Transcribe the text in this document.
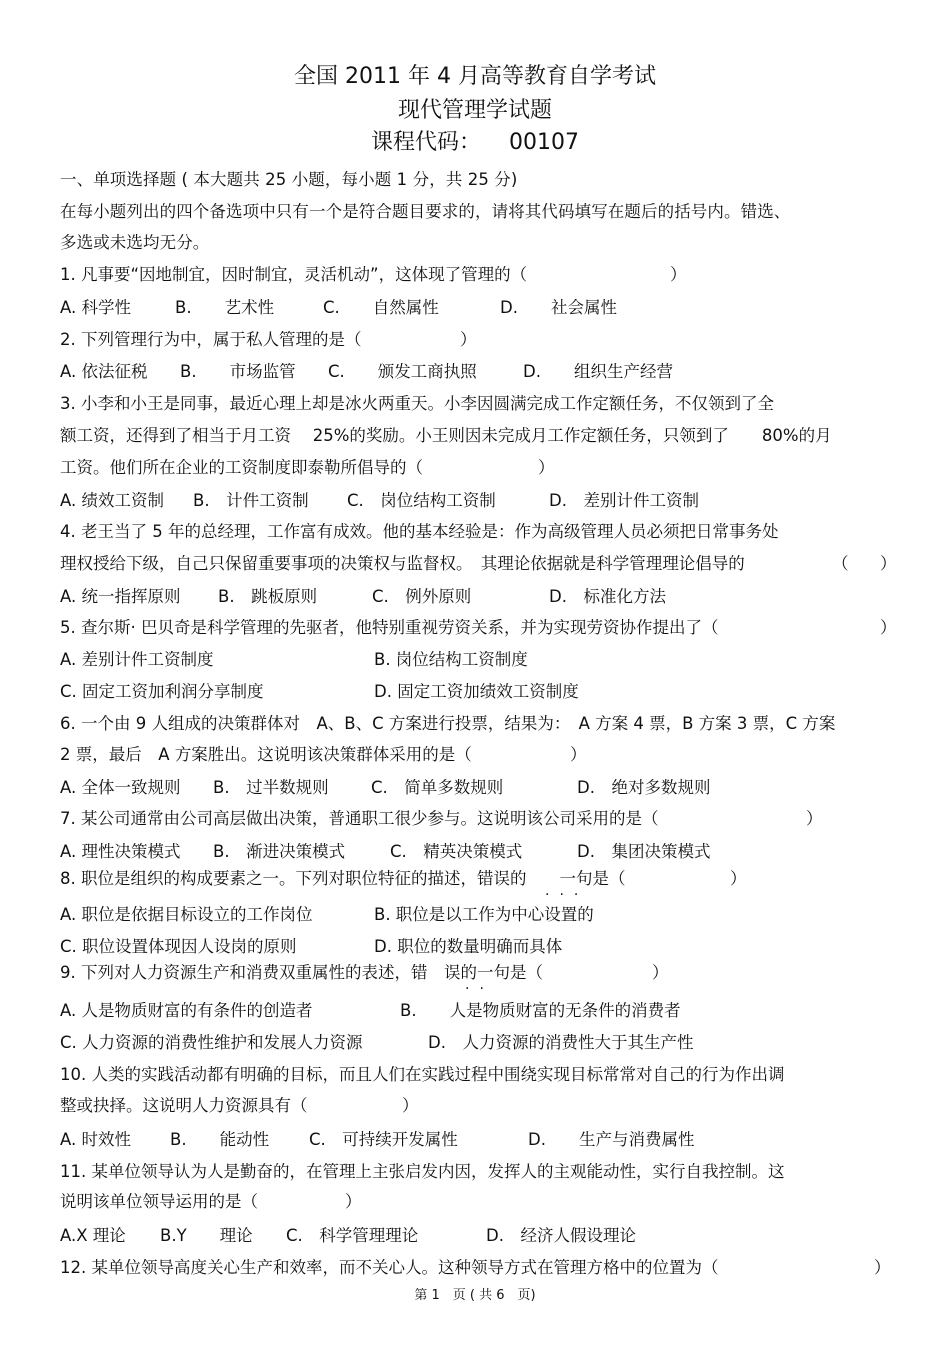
全国 2011 年 4 月高等教育自学考试
现代管理学试题
课程代码： 00107
一、单项选择题 ( 本大题共 25 小题，每小题 1 分，共 25 分)
在每小题列出的四个备选项中只有一个是符合题目要求的，请将其代码填写在题后的括号内。错选、
多选或未选均无分。
1. 凡事要“因地制宜，因时制宜，灵活机动”，这体现了管理的（	）
A. 科学性	B.　　艺术性	C.　　自然属性	D.　　社会属性
2. 下列管理行为中，属于私人管理的是（	）
A. 依法征税 B.　　市场监管 C.　　颁发工商执照	D.　　组织生产经营
3. 小李和小王是同事，最近心理上却是冰火两重天。小李因圆满完成工作定额任务，不仅领到了全
额工资，还得到了相当于月工资　 25%的奖励。小王则因未完成月工作定额任务，只领到了　　80%的月
工资。他们所在企业的工资制度即泰勒所倡导的（	）
A. 绩效工资制 B.　计件工资制 C.　岗位结构工资制	D.　差别计件工资制
4. 老王当了 5 年的总经理，工作富有成效。他的基本经验是：作为高级管理人员必须把日常事务处
理权授给下级，自己只保留重要事项的决策权与监督权。　其理论依据就是科学管理理论倡导的	（ ）
A. 统一指挥原则 B.　跳板原则	C.　例外原则	D.　标准化方法
5. 查尔斯· 巴贝奇是科学管理的先驱者，他特别重视劳资关系，并为实现劳资协作提出了（	）
A. 差别计件工资制度	B. 岗位结构工资制度
C. 固定工资加利润分享制度	D. 固定工资加绩效工资制度
6. 一个由 9 人组成的决策群体对　A、B、C 方案进行投票，结果为：　A 方案 4 票，B 方案 3 票，C 方案
2 票，最后　A 方案胜出。这说明该决策群体采用的是（	）
A. 全体一致规则 B.　过半数规则	C.　简单多数规则	D.　绝对多数规则
7. 某公司通常由公司高层做出决策，普通职工很少参与。这说明该公司采用的是（	）
A. 理性决策模式 B.　渐进决策模式	C.　精英决策模式	D.　集团决策模式
8. 职位是组织的构成要素之一。下列对职位特征的描述，错误的　　一句是（
···
）
A. 职位是依据目标设立的工作岗位	B. 职位是以工作为中心设置的
C. 职位设置体现因人设岗的原则	D. 职位的数量明确而具体
9. 下列对人力资源生产和消费双重属性的表述，错　误的一句是（
··
）
A. 人是物质财富的有条件的创造者	B.　　人是物质财富的无条件的消费者
C. 人力资源的消费性维护和发展人力资源	D.　人力资源的消费性大于其生产性
10. 人类的实践活动都有明确的目标，而且人们在实践过程中围绕实现目标常常对自己的行为作出调
整或抉择。这说明人力资源具有（	）
A. 时效性 B.　　能动性 C.　可持续开发属性	D.　　生产与消费属性
11. 某单位领导认为人是勤奋的，在管理上主张启发内因，发挥人的主观能动性，实行自我控制。这
说明该单位领导运用的是（	）
A.X 理论 B.Y　　理论 C.　科学管理理论	D.　经济人假设理论
12. 某单位领导高度关心生产和效率，而不关心人。这种领导方式在管理方格中的位置为（	）
第 1　页 ( 共 6　页)
